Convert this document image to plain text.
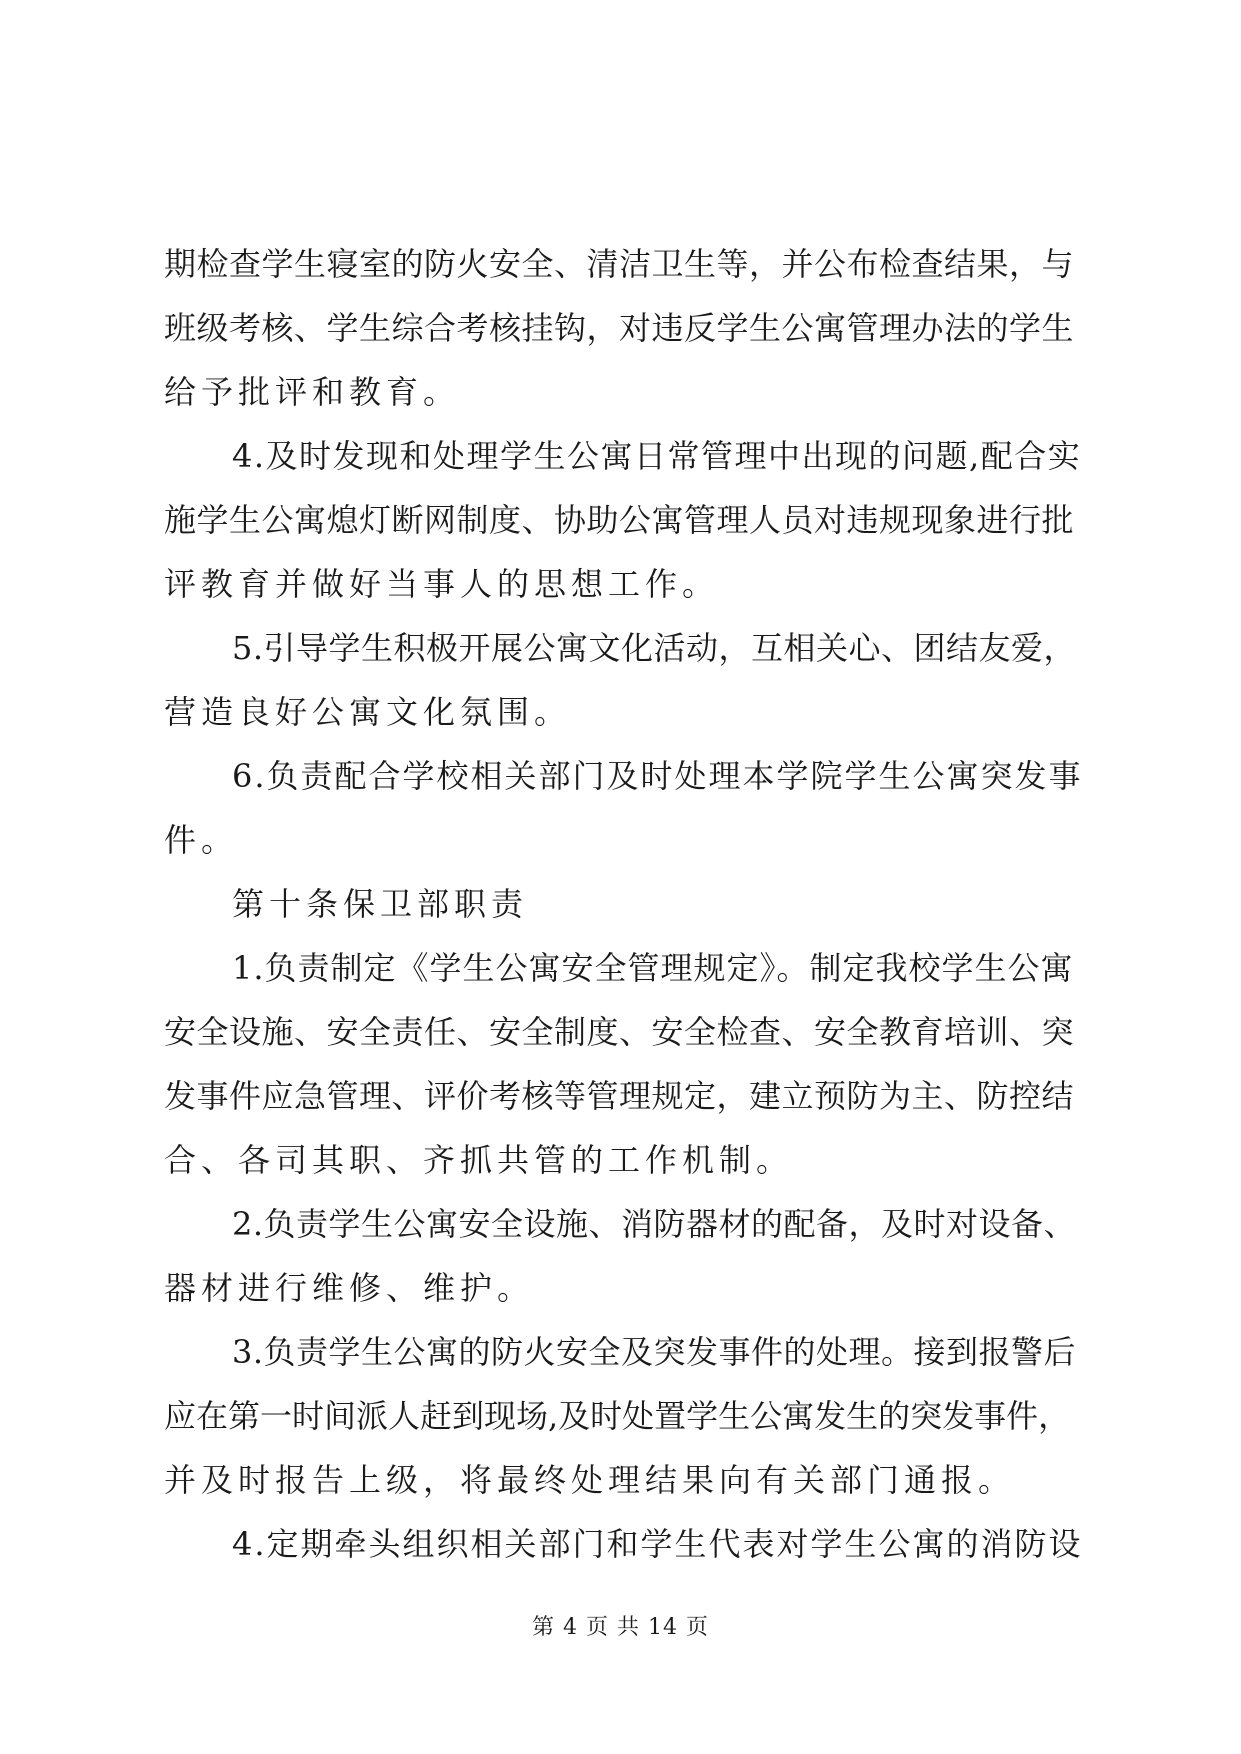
期检查学生寝室的防火安全、清洁卫生等，并公布检查结果，与
班级考核、学生综合考核挂钩，对违反学生公寓管理办法的学生
给予批评和教育。
4.及时发现和处理学生公寓日常管理中出现的问题,配合实
施学生公寓熄灯断网制度、协助公寓管理人员对违规现象进行批
评教育并做好当事人的思想工作。
5.引导学生积极开展公寓文化活动，互相关心、团结友爱，
营造良好公寓文化氛围。
6.负责配合学校相关部门及时处理本学院学生公寓突发事
件。
第十条保卫部职责
1.负责制定《学生公寓安全管理规定》。制定我校学生公寓
安全设施、安全责任、安全制度、安全检查、安全教育培训、突
发事件应急管理、评价考核等管理规定，建立预防为主、防控结
合、各司其职、齐抓共管的工作机制。
2.负责学生公寓安全设施、消防器材的配备，及时对设备、
器材进行维修、维护。
3.负责学生公寓的防火安全及突发事件的处理。接到报警后
应在第一时间派人赶到现场,及时处置学生公寓发生的突发事件，
并及时报告上级，将最终处理结果向有关部门通报。
4.定期牵头组织相关部门和学生代表对学生公寓的消防设
第 4 页 共 14 页
